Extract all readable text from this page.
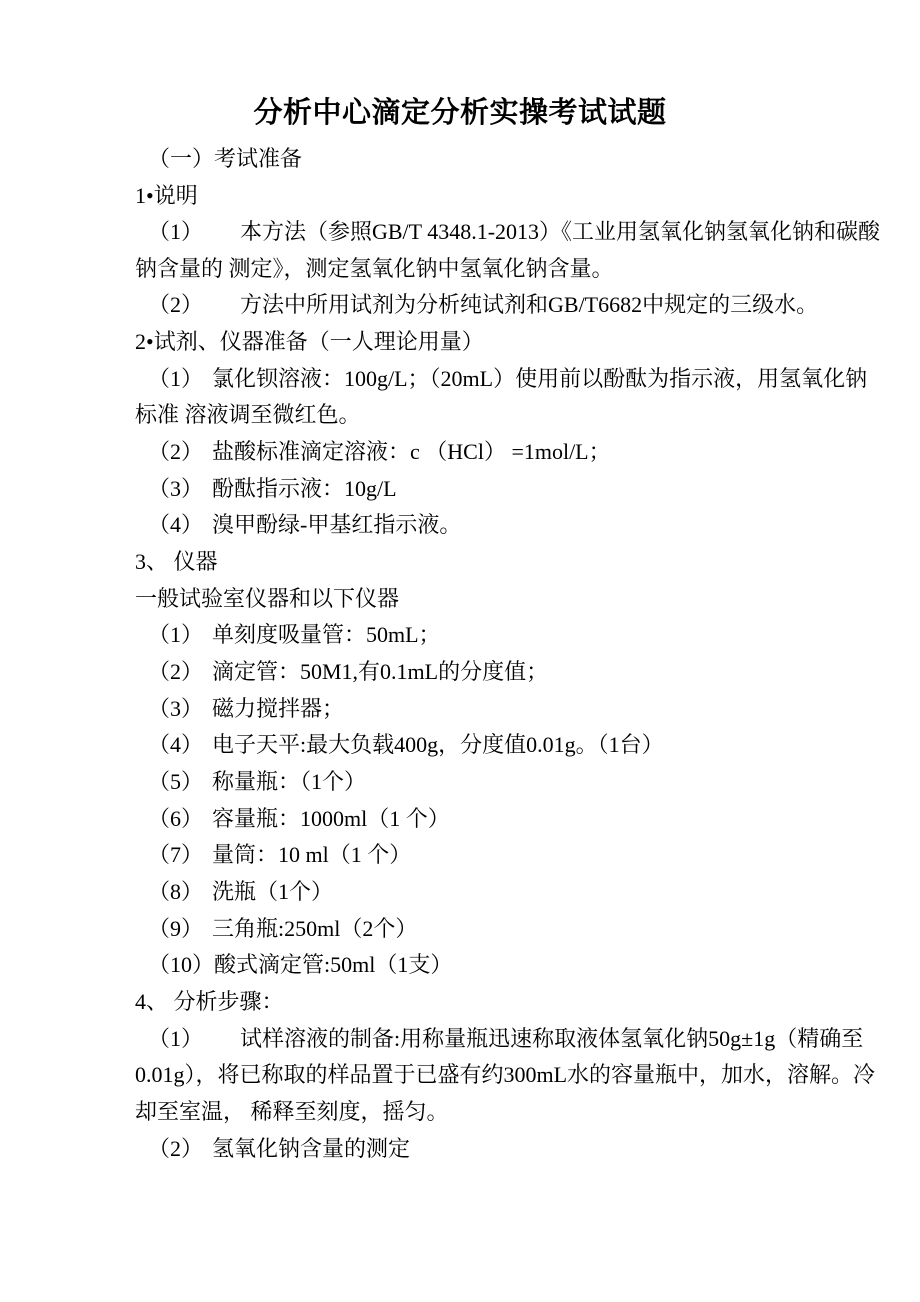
分析中心滴定分析实操考试试题

（一）考试准备

1•说明

（1） 本方法（参照GB/T 4348.1-2013）《工业用氢氧化钠氢氧化钠和碳酸

钠含量的 测定》，测定氢氧化钠中氢氧化钠含量。

（2） 方法中所用试剂为分析纯试剂和GB/T6682中规定的三级水。

2•试剂、仪器准备（一人理论用量）

（1） 氯化钡溶液：100g/L；（20mL）使用前以酚酞为指示液，用氢氧化钠

标准 溶液调至微红色。

（2） 盐酸标准滴定溶液：c （HCl） =1mol/L；

（3） 酚酞指示液：10g/L

（4） 溴甲酚绿-甲基红指示液。

3、 仪器

一般试验室仪器和以下仪器

（1） 单刻度吸量管：50mL；

（2） 滴定管：50M1,有0.1mL的分度值；

（3） 磁力搅拌器；

（4） 电子天平:最大负载400g，分度值0.01g。（1台）

（5） 称量瓶：（1个）

（6） 容量瓶：1000ml（1 个）

（7） 量筒：10 ml（1 个）

（8） 洗瓶（1个）

（9） 三角瓶:250ml（2个）

（10）酸式滴定管:50ml（1支）

4、 分析步骤：

（1） 试样溶液的制备:用称量瓶迅速称取液体氢氧化钠50g±1g（精确至

0.01g），将已称取的样品置于已盛有约300mL水的容量瓶中，加水，溶解。冷

却至室温， 稀释至刻度，摇匀。

（2） 氢氧化钠含量的测定
